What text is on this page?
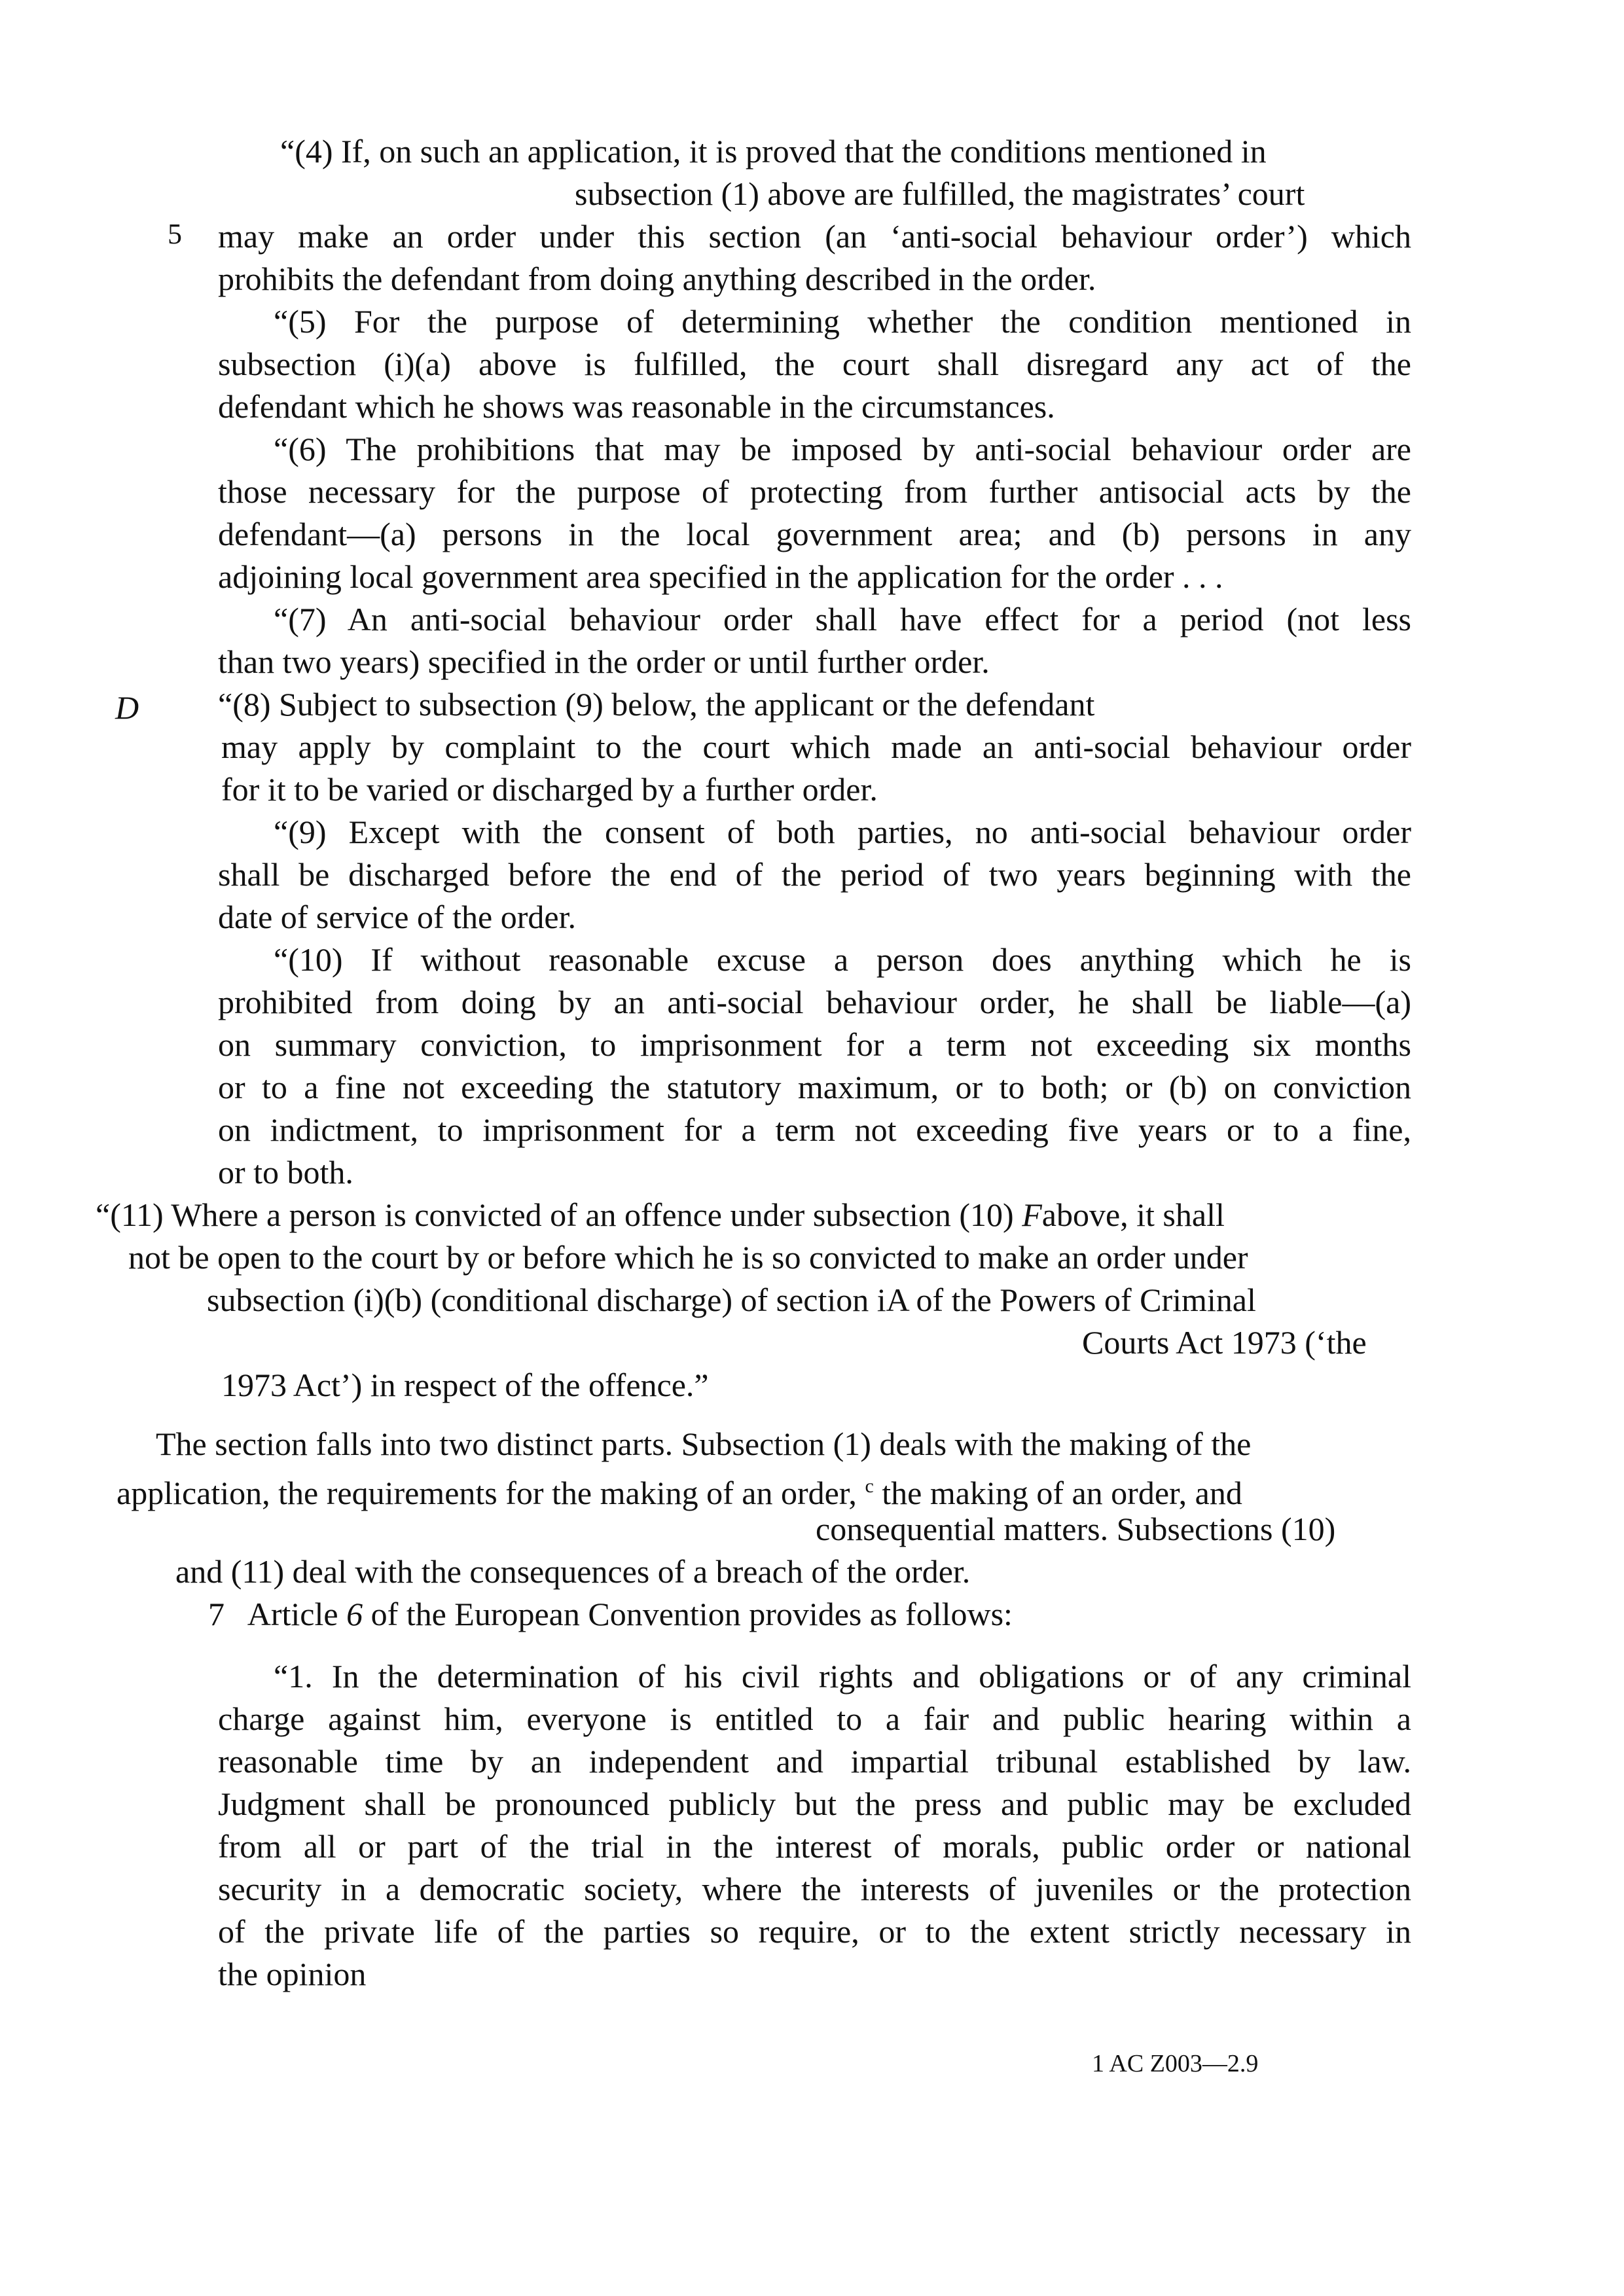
5
D
“(4) If, on such an application, it is proved that the conditions mentioned in
subsection (1) above are fulfilled, the magistrates’ court
may make an order under this section (an ‘anti-social behaviour order’) which
prohibits the defendant from doing anything described in the order.
“(5) For the purpose of determining whether the condition mentioned in
subsection (i)(a) above is fulfilled, the court shall disregard any act of the
defendant which he shows was reasonable in the circumstances.
“(6) The prohibitions that may be imposed by anti-social behaviour order are
those necessary for the purpose of protecting from further antisocial acts by the
defendant—(a) persons in the local government area; and (b) persons in any
adjoining local government area specified in the application for the order . . .
“(7) An anti-social behaviour order shall have effect for a period (not less
than two years) specified in the order or until further order.
“(8) Subject to subsection (9) below, the applicant or the defendant
may apply by complaint to the court which made an anti-social behaviour order
for it to be varied or discharged by a further order.
“(9) Except with the consent of both parties, no anti-social behaviour order
shall be discharged before the end of the period of two years beginning with the
date of service of the order.
“(10) If without reasonable excuse a person does anything which he is
prohibited from doing by an anti-social behaviour order, he shall be liable—(a)
on summary conviction, to imprisonment for a term not exceeding six months
or to a fine not exceeding the statutory maximum, or to both; or (b) on conviction
on indictment, to imprisonment for a term not exceeding five years or to a fine,
or to both.
“(11) Where a person is convicted of an offence under subsection (10) Fabove, it shall
not be open to the court by or before which he is so convicted to make an order under
subsection (i)(b) (conditional discharge) of section iA of the Powers of Criminal
Courts Act 1973 (‘the
1973 Act’) in respect of the offence.”
The section falls into two distinct parts. Subsection (1) deals with the making of the
application, the requirements for the making of an order, $^c$ the making of an order, and
consequential matters. Subsections (10)
and (11) deal with the consequences of a breach of the order.
7   Article 6 of the European Convention provides as follows:
“1. In the determination of his civil rights and obligations or of any criminal
charge against him, everyone is entitled to a fair and public hearing within a
reasonable time by an independent and impartial tribunal established by law.
Judgment shall be pronounced publicly but the press and public may be excluded
from all or part of the trial in the interest of morals, public order or national
security in a democratic society, where the interests of juveniles or the protection
of the private life of the parties so require, or to the extent strictly necessary in
the opinion
1 AC Z003—2.9
